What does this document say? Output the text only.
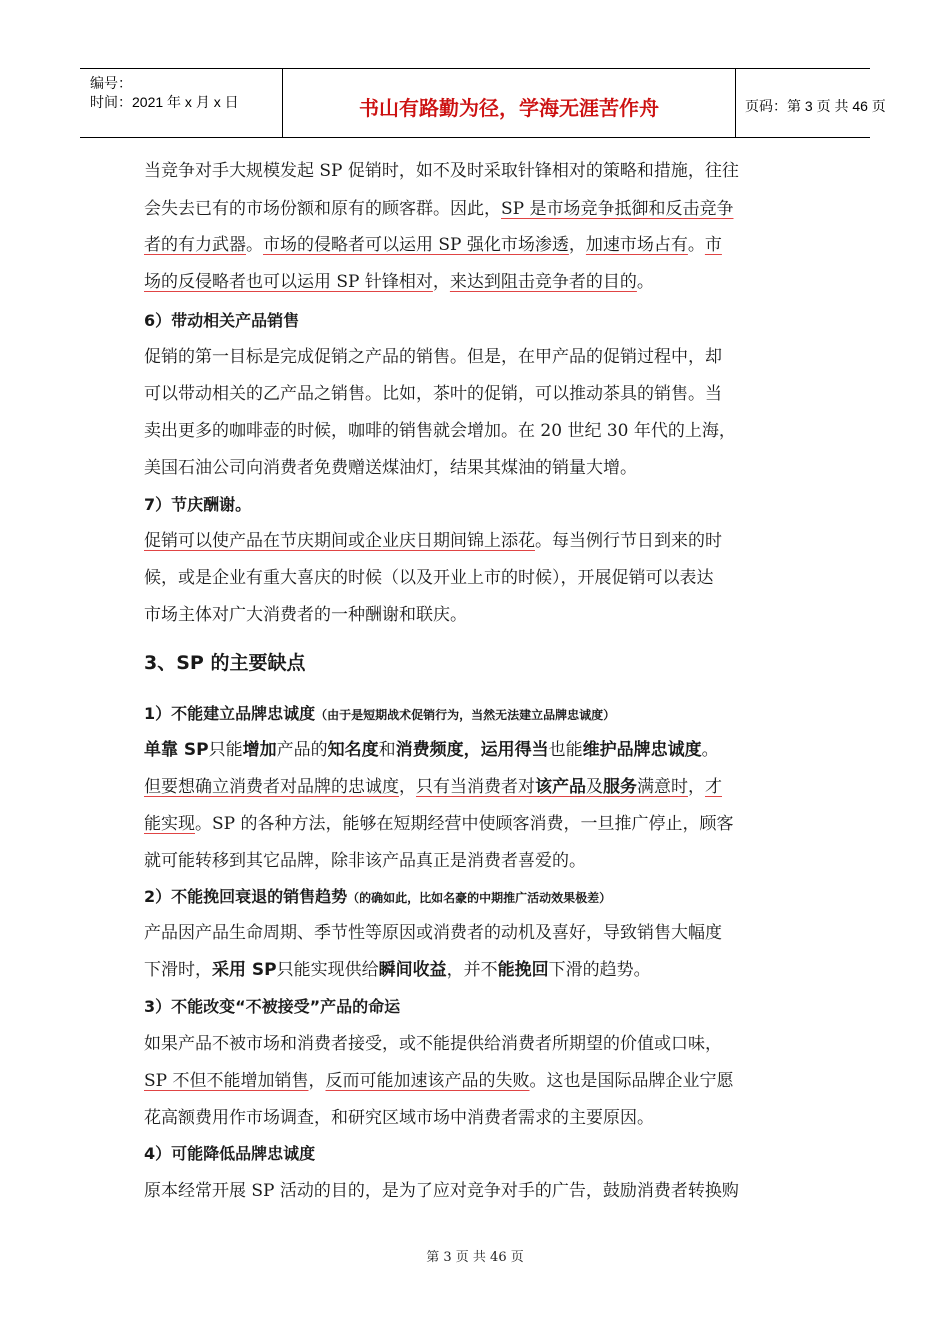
编号：
时间：2021 年 x 月 x 日	书山有路勤为径，学海无涯苦作舟	页码：第 3 页 共 46 页
当竞争对手大规模发起 SP 促销时，如不及时采取针锋相对的策略和措施，往往
会失去已有的市场份额和原有的顾客群。因此，SP 是市场竞争抵御和反击竞争
者的有力武器。市场的侵略者可以运用 SP 强化市场渗透，加速市场占有。市
场的反侵略者也可以运用 SP 针锋相对，来达到阻击竞争者的目的。
6）带动相关产品销售
促销的第一目标是完成促销之产品的销售。但是，在甲产品的促销过程中，却
可以带动相关的乙产品之销售。比如，茶叶的促销，可以推动茶具的销售。当
卖出更多的咖啡壶的时候，咖啡的销售就会增加。在 20 世纪 30 年代的上海，
美国石油公司向消费者免费赠送煤油灯，结果其煤油的销量大增。
7）节庆酬谢。
促销可以使产品在节庆期间或企业庆日期间锦上添花。每当例行节日到来的时
候，或是企业有重大喜庆的时候（以及开业上市的时候），开展促销可以表达
市场主体对广大消费者的一种酬谢和联庆。
3、SP 的主要缺点
1）不能建立品牌忠诚度（由于是短期战术促销行为，当然无法建立品牌忠诚度）
单靠 SP只能增加产品的知名度和消费频度，运用得当也能维护品牌忠诚度。
但要想确立消费者对品牌的忠诚度，只有当消费者对该产品及服务满意时，才
能实现。SP 的各种方法，能够在短期经营中使顾客消费，一旦推广停止，顾客
就可能转移到其它品牌，除非该产品真正是消费者喜爱的。
2）不能挽回衰退的销售趋势（的确如此，比如名豪的中期推广活动效果极差）
产品因产品生命周期、季节性等原因或消费者的动机及喜好，导致销售大幅度
下滑时，采用 SP只能实现供给瞬间收益，并不能挽回下滑的趋势。
3）不能改变“不被接受”产品的命运
如果产品不被市场和消费者接受，或不能提供给消费者所期望的价值或口味，
SP 不但不能增加销售，反而可能加速该产品的失败。这也是国际品牌企业宁愿
花高额费用作市场调查，和研究区域市场中消费者需求的主要原因。
4）可能降低品牌忠诚度
原本经常开展 SP 活动的目的，是为了应对竞争对手的广告，鼓励消费者转换购
第 3 页 共 46 页
